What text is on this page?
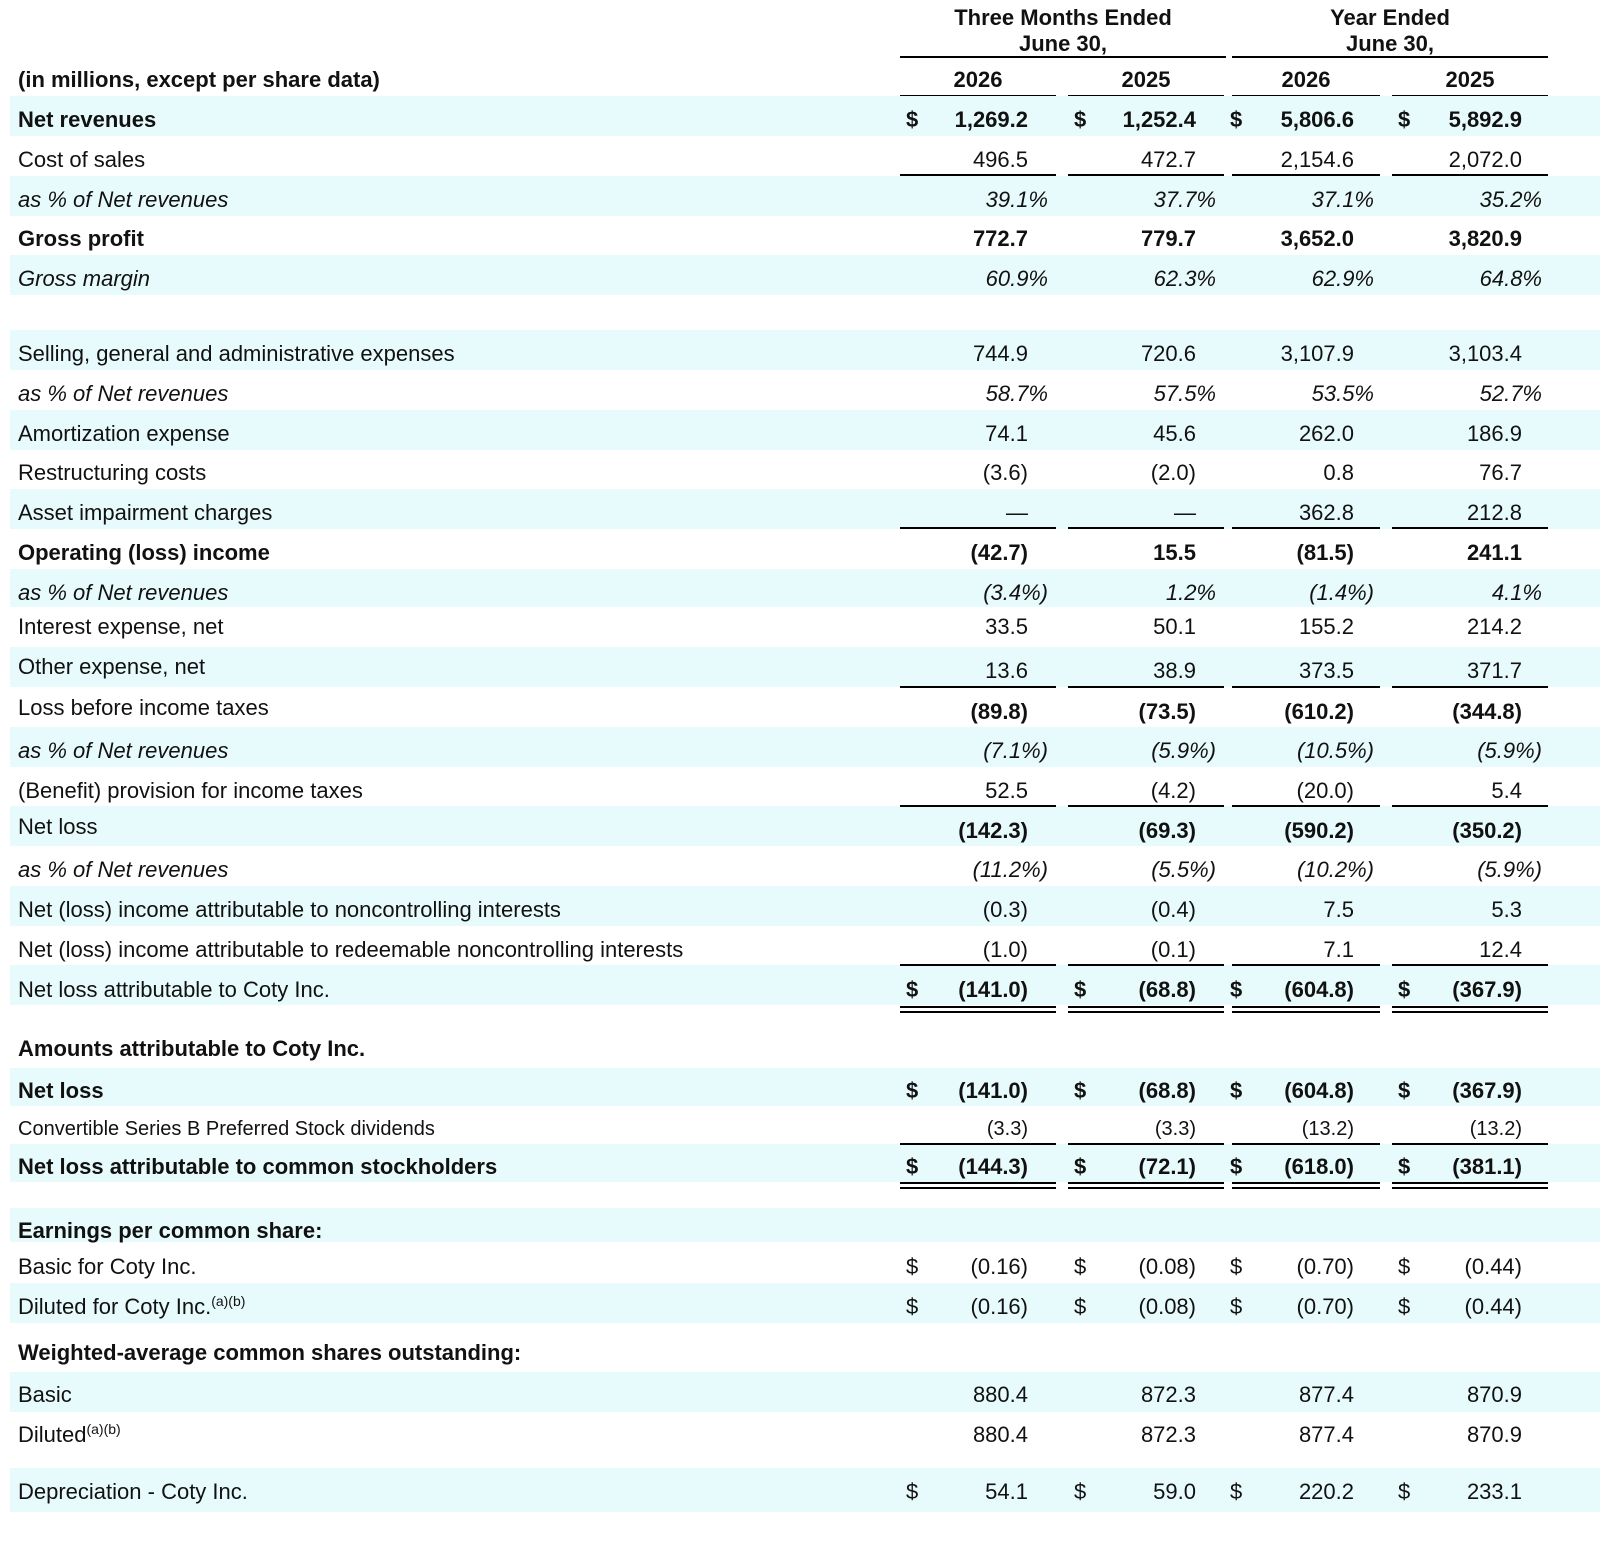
Three Months Ended
June 30,
Year Ended
June 30,
(in millions, except per share data)	2026	2025	2026	2025
Net revenues	$	1,269.2 $	1,252.4 $	5,806.6 $	5,892.9
Cost of sales	496.5	472.7	2,154.6	2,072.0
as % of Net revenues	39.1%	37.7%	37.1%	35.2%
Gross profit	772.7	779.7	3,652.0	3,820.9
Gross margin	60.9%	62.3%	62.9%	64.8%
Selling, general and administrative expenses	744.9	720.6	3,107.9	3,103.4
as % of Net revenues	58.7%	57.5%	53.5%	52.7%
Amortization expense	74.1	45.6	262.0	186.9
Restructuring costs	(3.6)	(2.0)	0.8	76.7
Asset impairment charges	—	—	362.8	212.8
Operating (loss) income	(42.7)	15.5	(81.5)	241.1
as % of Net revenues	(3.4%)	1.2%	(1.4%)	4.1%
Interest expense, net	33.5	50.1	155.2	214.2
Other expense, net	13.6	38.9	373.5	371.7
Loss before income taxes	(89.8)	(73.5)	(610.2)	(344.8)
as % of Net revenues	(7.1%)	(5.9%)	(10.5%)	(5.9%)
(Benefit) provision for income taxes	52.5	(4.2)	(20.0)	5.4
Net loss	(142.3)	(69.3)	(590.2)	(350.2)
as % of Net revenues	(11.2%)	(5.5%)	(10.2%)	(5.9%)
Net (loss) income attributable to noncontrolling interests	(0.3)	(0.4)	7.5	5.3
Net (loss) income attributable to redeemable noncontrolling interests	(1.0)	(0.1)	7.1	12.4
Net loss attributable to Coty Inc.	$	(141.0) $	(68.8) $	(604.8) $	(367.9)
Amounts attributable to Coty Inc.
Net loss	$	(141.0) $	(68.8) $	(604.8) $	(367.9)
Convertible Series B Preferred Stock dividends	(3.3)	(3.3)	(13.2)	(13.2)
Net loss attributable to common stockholders	$	(144.3) $	(72.1) $	(618.0) $	(381.1)
Earnings per common share:
Basic for Coty Inc.	$	(0.16) $	(0.08) $	(0.70) $	(0.44)
Diluted for Coty Inc.$^{(a)(b)}$	$	(0.16) $	(0.08) $	(0.70) $	(0.44)
Weighted-average common shares outstanding:
Basic	880.4	872.3	877.4	870.9
Diluted$^{(a)(b)}$	880.4	872.3	877.4	870.9
Depreciation - Coty Inc.	$	54.1 $	59.0 $	220.2 $	233.1
